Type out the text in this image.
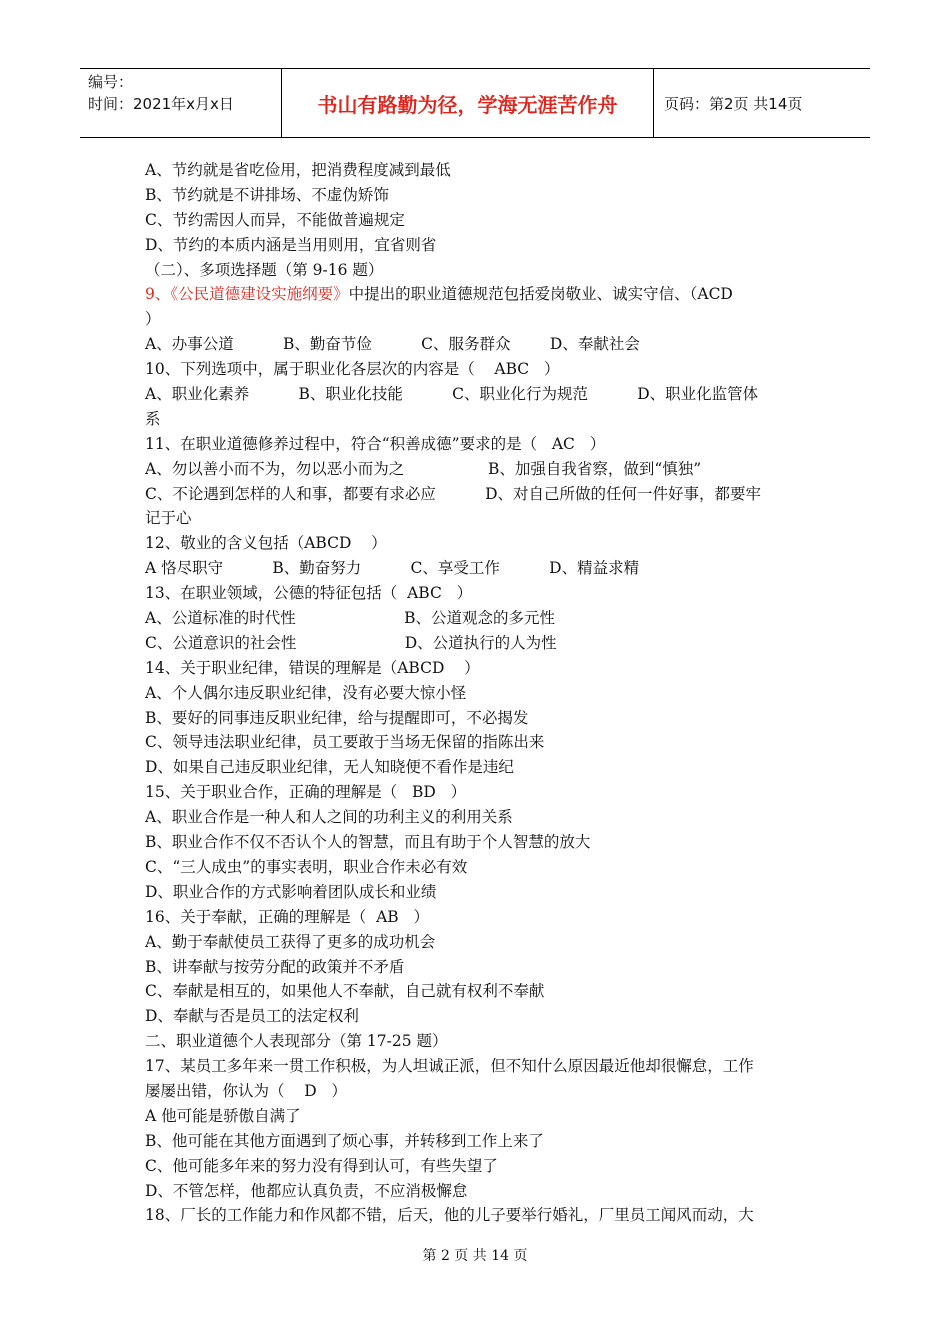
编号：
时间：2021年x月x日	书山有路勤为径，学海无涯苦作舟	页码：第2页 共14页
A、节约就是省吃俭用，把消费程度减到最低
B、节约就是不讲排场、不虚伪矫饰
C、节约需因人而异，不能做普遍规定
D、节约的本质内涵是当用则用，宜省则省
（二）、多项选择题（第 9-16 题）
9、《公民道德建设实施纲要》中提出的职业道德规范包括爱岗敬业、诚实守信、（ACD
）
A、办事公道          B、勤奋节俭          C、服务群众        D、奉献社会
10、下列选项中，属于职业化各层次的内容是（    ABC   ）
A、职业化素养          B、职业化技能          C、职业化行为规范          D、职业化监管体
系
11、在职业道德修养过程中，符合“积善成德”要求的是（   AC   ）
A、勿以善小而不为，勿以恶小而为之                 B、加强自我省察，做到“慎独”
C、不论遇到怎样的人和事，都要有求必应          D、对自己所做的任何一件好事，都要牢
记于心
12、敬业的含义包括（ABCD    ）
A 恪尽职守          B、勤奋努力          C、享受工作          D、精益求精
13、在职业领域，公德的特征包括（  ABC   ）
A、公道标准的时代性                      B、公道观念的多元性
C、公道意识的社会性                      D、公道执行的人为性
14、关于职业纪律，错误的理解是（ABCD    ）
A、个人偶尔违反职业纪律，没有必要大惊小怪
B、要好的同事违反职业纪律，给与提醒即可，不必揭发
C、领导违法职业纪律，员工要敢于当场无保留的指陈出来
D、如果自己违反职业纪律，无人知晓便不看作是违纪
15、关于职业合作，正确的理解是（   BD   ）
A、职业合作是一种人和人之间的功利主义的利用关系
B、职业合作不仅不否认个人的智慧，而且有助于个人智慧的放大
C、“三人成虫”的事实表明，职业合作未必有效
D、职业合作的方式影响着团队成长和业绩
16、关于奉献，正确的理解是（  AB   ）
A、勤于奉献使员工获得了更多的成功机会
B、讲奉献与按劳分配的政策并不矛盾
C、奉献是相互的，如果他人不奉献，自己就有权利不奉献
D、奉献与否是员工的法定权利
二、职业道德个人表现部分（第 17-25 题）
17、某员工多年来一贯工作积极，为人坦诚正派，但不知什么原因最近他却很懈怠，工作
屡屡出错，你认为（    D   ）
A 他可能是骄傲自满了
B、他可能在其他方面遇到了烦心事，并转移到工作上来了
C、他可能多年来的努力没有得到认可，有些失望了
D、不管怎样，他都应认真负责，不应消极懈怠
18、厂长的工作能力和作风都不错，后天，他的儿子要举行婚礼，厂里员工闻风而动，大
第 2 页 共 14 页
